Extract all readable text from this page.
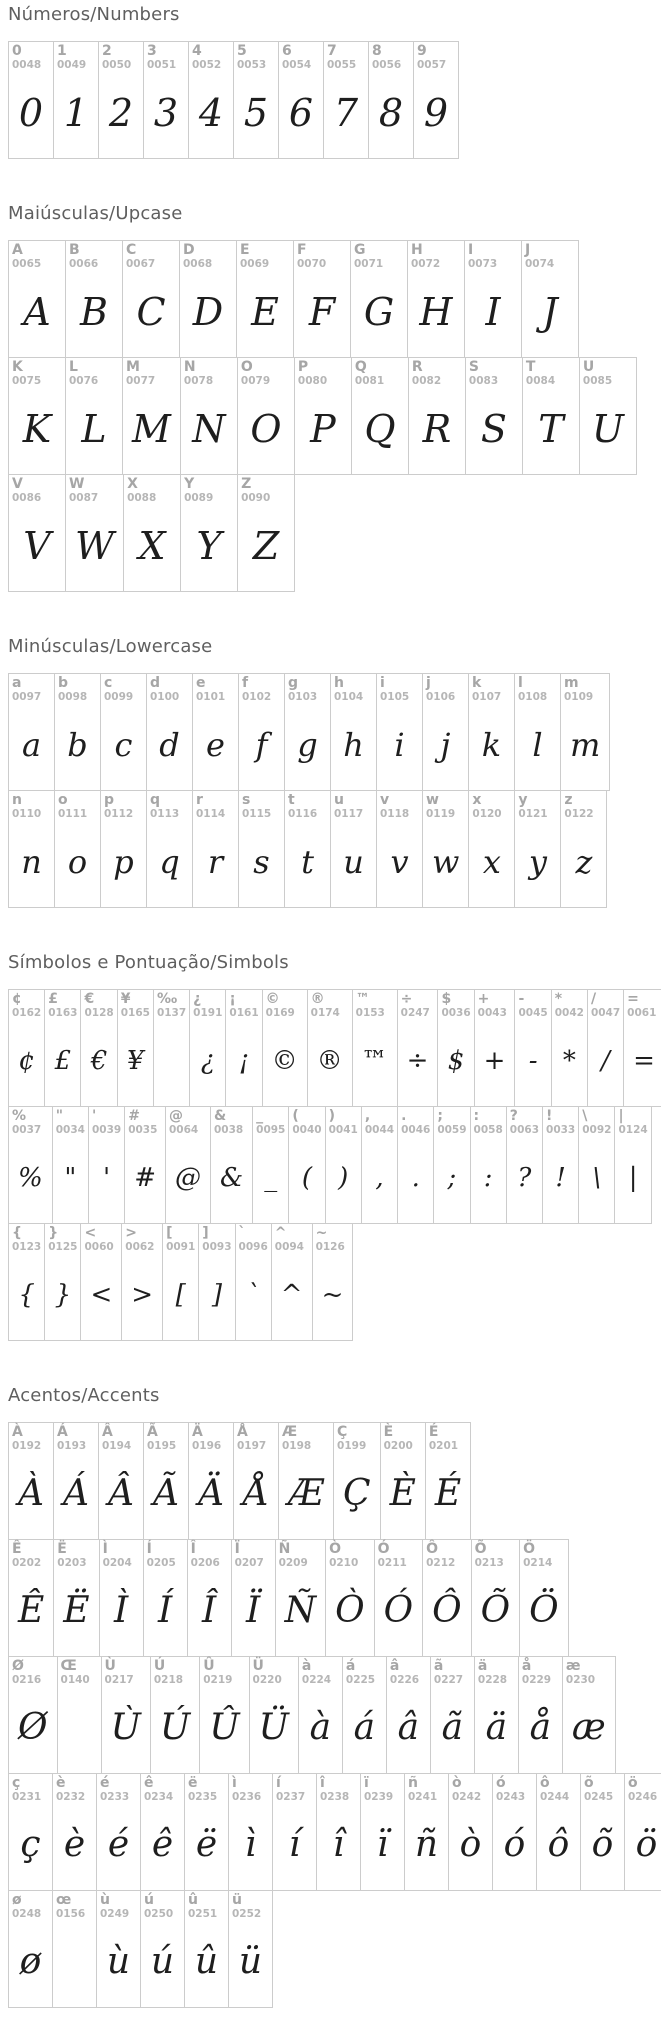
Números/Numbers
0
0048
0
1
0049
1
2
0050
2
3
0051
3
4
0052
4
5
0053
5
6
0054
6
7
0055
7
8
0056
8
9
0057
9
Maiúsculas/Upcase
A
0065
A
B
0066
B
C
0067
C
D
0068
D
E
0069
E
F
0070
F
G
0071
G
H
0072
H
I
0073
I
J
0074
J
K
0075
K
L
0076
L
M
0077
M
N
0078
N
O
0079
O
P
0080
P
Q
0081
Q
R
0082
R
S
0083
S
T
0084
T
U
0085
U
V
0086
V
W
0087
W
X
0088
X
Y
0089
Y
Z
0090
Z
Minúsculas/Lowercase
a
0097
a
b
0098
b
c
0099
c
d
0100
d
e
0101
e
f
0102
f
g
0103
g
h
0104
h
i
0105
i
j
0106
j
k
0107
k
l
0108
l
m
0109
m
n
0110
n
o
0111
o
p
0112
p
q
0113
q
r
0114
r
s
0115
s
t
0116
t
u
0117
u
v
0118
v
w
0119
w
x
0120
x
y
0121
y
z
0122
z
Símbolos e Pontuação/Simbols
¢
0162
¢
£
0163
£
€
0128
€
¥
0165
¥
‰
0137
¿
0191
¿
¡
0161
¡
©
0169
©
®
0174
®
™
0153
™
÷
0247
÷
$
0036
$
+
0043
+
-
0045
-
*
0042
*
/
0047
/
=
0061
=
%
0037
%
"
0034
"
'
0039
'
#
0035
#
@
0064
@
&
0038
&
_
0095
_
(
0040
(
)
0041
)
,
0044
,
.
0046
.
;
0059
;
:
0058
:
?
0063
?
!
0033
!
\
0092
\
|
0124
|
{
0123
{
}
0125
}
<
0060
<
>
0062
>
[
0091
[
]
0093
]
`
0096
`
^
0094
^
~
0126
~
Acentos/Accents
À
0192
À
Á
0193
Á
Â
0194
Â
Ã
0195
Ã
Ä
0196
Ä
Å
0197
Å
Æ
0198
Æ
Ç
0199
Ç
È
0200
È
É
0201
É
Ê
0202
Ê
Ë
0203
Ë
Ì
0204
Ì
Í
0205
Í
Î
0206
Î
Ï
0207
Ï
Ñ
0209
Ñ
Ò
0210
Ò
Ó
0211
Ó
Ô
0212
Ô
Õ
0213
Õ
Ö
0214
Ö
Ø
0216
Ø
Œ
0140
Ù
0217
Ù
Ú
0218
Ú
Û
0219
Û
Ü
0220
Ü
à
0224
à
á
0225
á
â
0226
â
ã
0227
ã
ä
0228
ä
å
0229
å
æ
0230
æ
ç
0231
ç
è
0232
è
é
0233
é
ê
0234
ê
ë
0235
ë
ì
0236
ì
í
0237
í
î
0238
î
ï
0239
ï
ñ
0241
ñ
ò
0242
ò
ó
0243
ó
ô
0244
ô
õ
0245
õ
ö
0246
ö
ø
0248
ø
œ
0156
ù
0249
ù
ú
0250
ú
û
0251
û
ü
0252
ü
